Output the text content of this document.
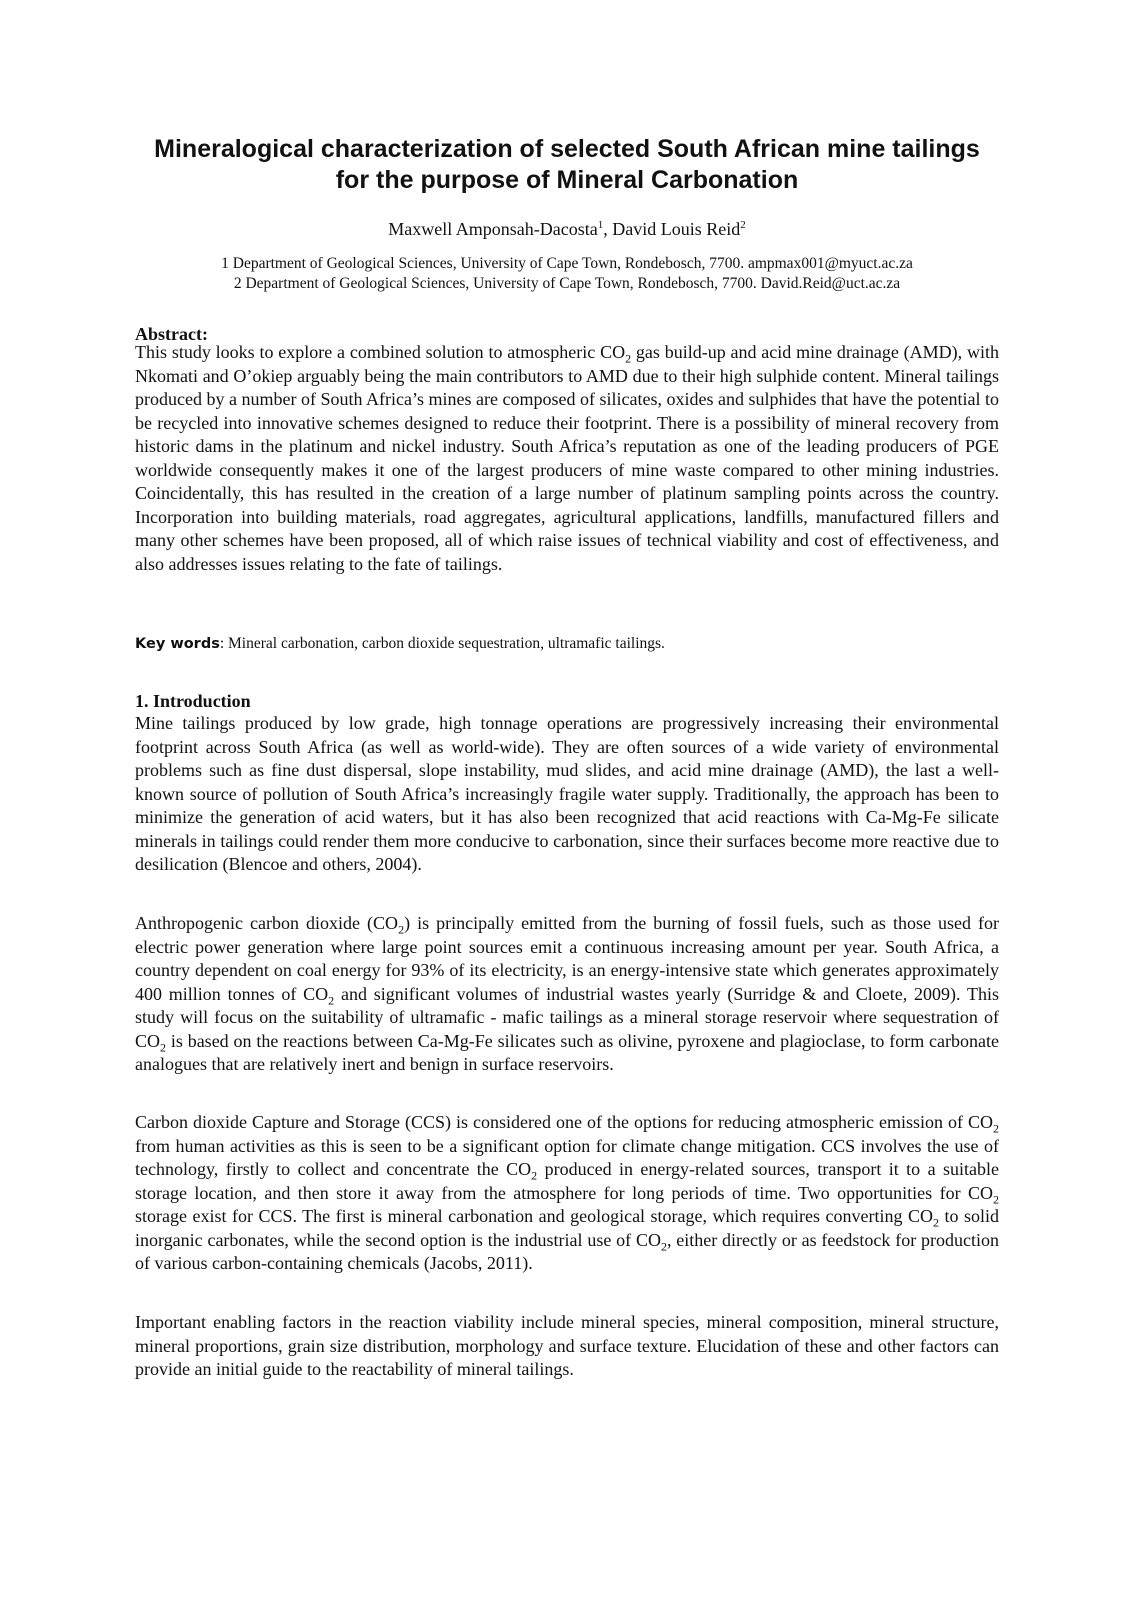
Mineralogical characterization of selected South African mine tailings for the purpose of Mineral Carbonation
Maxwell Amponsah-Dacosta$^1$, David Louis Reid$^2$
1 Department of Geological Sciences, University of Cape Town, Rondebosch, 7700. ampmax001@myuct.ac.za
2 Department of Geological Sciences, University of Cape Town, Rondebosch, 7700. David.Reid@uct.ac.za
Abstract:

This study looks to explore a combined solution to atmospheric $CO_2$ gas build-up and acid mine drainage (AMD), with Nkomati and O’okiep arguably being the main contributors to AMD due to their high sulphide content. Mineral tailings produced by a number of South Africa’s mines are composed of silicates, oxides and sulphides that have the potential to be recycled into innovative schemes designed to reduce their footprint. There is a possibility of mineral recovery from historic dams in the platinum and nickel industry. South Africa’s reputation as one of the leading producers of PGE worldwide consequently makes it one of the largest producers of mine waste compared to other mining industries. Coincidentally, this has resulted in the creation of a large number of platinum sampling points across the country. Incorporation into building materials, road aggregates, agricultural applications, landfills, manufactured fillers and many other schemes have been proposed, all of which raise issues of technical viability and cost of effectiveness, and also addresses issues relating to the fate of tailings.

Key words: Mineral carbonation, carbon dioxide sequestration, ultramafic tailings.
1. Introduction

Mine tailings produced by low grade, high tonnage operations are progressively increasing their environmental footprint across South Africa (as well as world-wide). They are often sources of a wide variety of environmental problems such as fine dust dispersal, slope instability, mud slides, and acid mine drainage (AMD), the last a well-known source of pollution of South Africa’s increasingly fragile water supply. Traditionally, the approach has been to minimize the generation of acid waters, but it has also been recognized that acid reactions with Ca-Mg-Fe silicate minerals in tailings could render them more conducive to carbonation, since their surfaces become more reactive due to desilication (Blencoe and others, 2004).

Anthropogenic carbon dioxide $(CO_2)$ is principally emitted from the burning of fossil fuels, such as those used for electric power generation where large point sources emit a continuous increasing amount per year. South Africa, a country dependent on coal energy for 93% of its electricity, is an energy-intensive state which generates approximately 400 million tonnes of $CO_2$ and significant volumes of industrial wastes yearly (Surridge & and Cloete, 2009). This study will focus on the suitability of ultramafic - mafic tailings as a mineral storage reservoir where sequestration of $CO_2$ is based on the reactions between Ca-Mg-Fe silicates such as olivine, pyroxene and plagioclase, to form carbonate analogues that are relatively inert and benign in surface reservoirs.

Carbon dioxide Capture and Storage (CCS) is considered one of the options for reducing atmospheric emission of $CO_2$ from human activities as this is seen to be a significant option for climate change mitigation. CCS involves the use of technology, firstly to collect and concentrate the $CO_2$ produced in energy-related sources, transport it to a suitable storage location, and then store it away from the atmosphere for long periods of time. Two opportunities for $CO_2$ storage exist for CCS. The first is mineral carbonation and geological storage, which requires converting $CO_2$ to solid inorganic carbonates, while the second option is the industrial use of $CO_2$, either directly or as feedstock for production of various carbon-containing chemicals (Jacobs, 2011).

Important enabling factors in the reaction viability include mineral species, mineral composition, mineral structure, mineral proportions, grain size distribution, morphology and surface texture. Elucidation of these and other factors can provide an initial guide to the reactability of mineral tailings.
